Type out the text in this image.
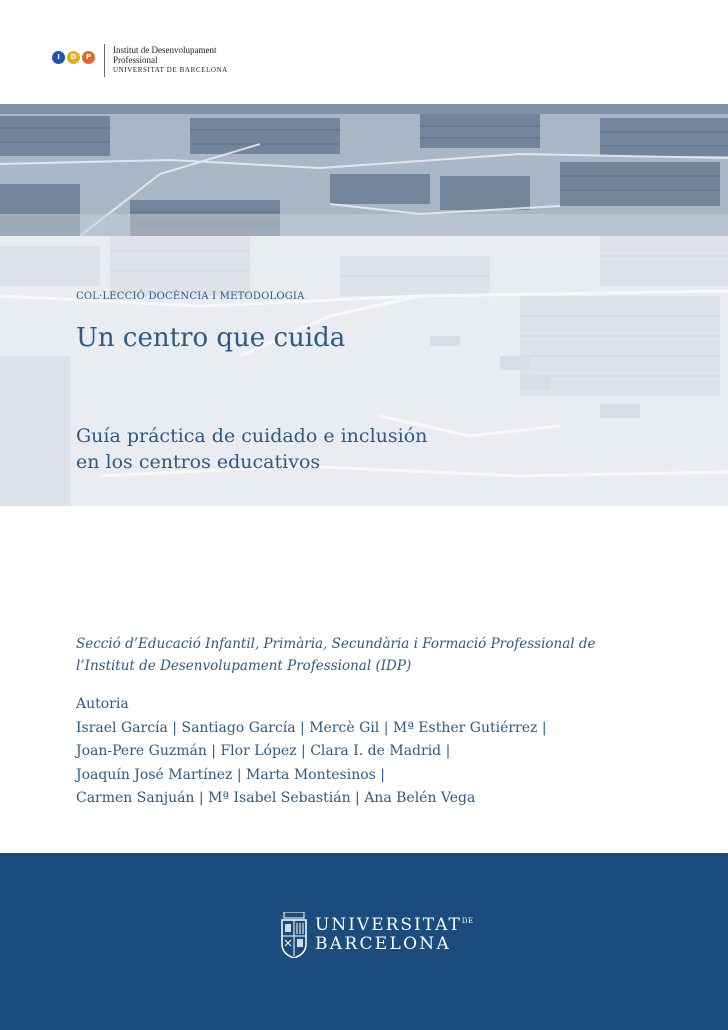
I	D	P
Institut de Desenvolupament
Professional
UNIVERSITAT DE BARCELONA
COL·LECCIÓ DOCÈNCIA I METODOLOGIA
Un centro que cuida
Guía práctica de cuidado e inclusión
en los centros educativos
Secció d’Educació Infantil, Primària, Secundària i Formació Professional de
l’Institut de Desenvolupament Professional (IDP)
Autoria
Israel García | Santiago García | Mercè Gil | Mª Esther Gutiérrez |
Joan-Pere Guzmán | Flor López | Clara I. de Madrid |
Joaquín José Martínez | Marta Montesinos |
Carmen Sanjuán | Mª Isabel Sebastián | Ana Belén Vega
$UNIVERSITAT^{DE}$
BARCELONA
